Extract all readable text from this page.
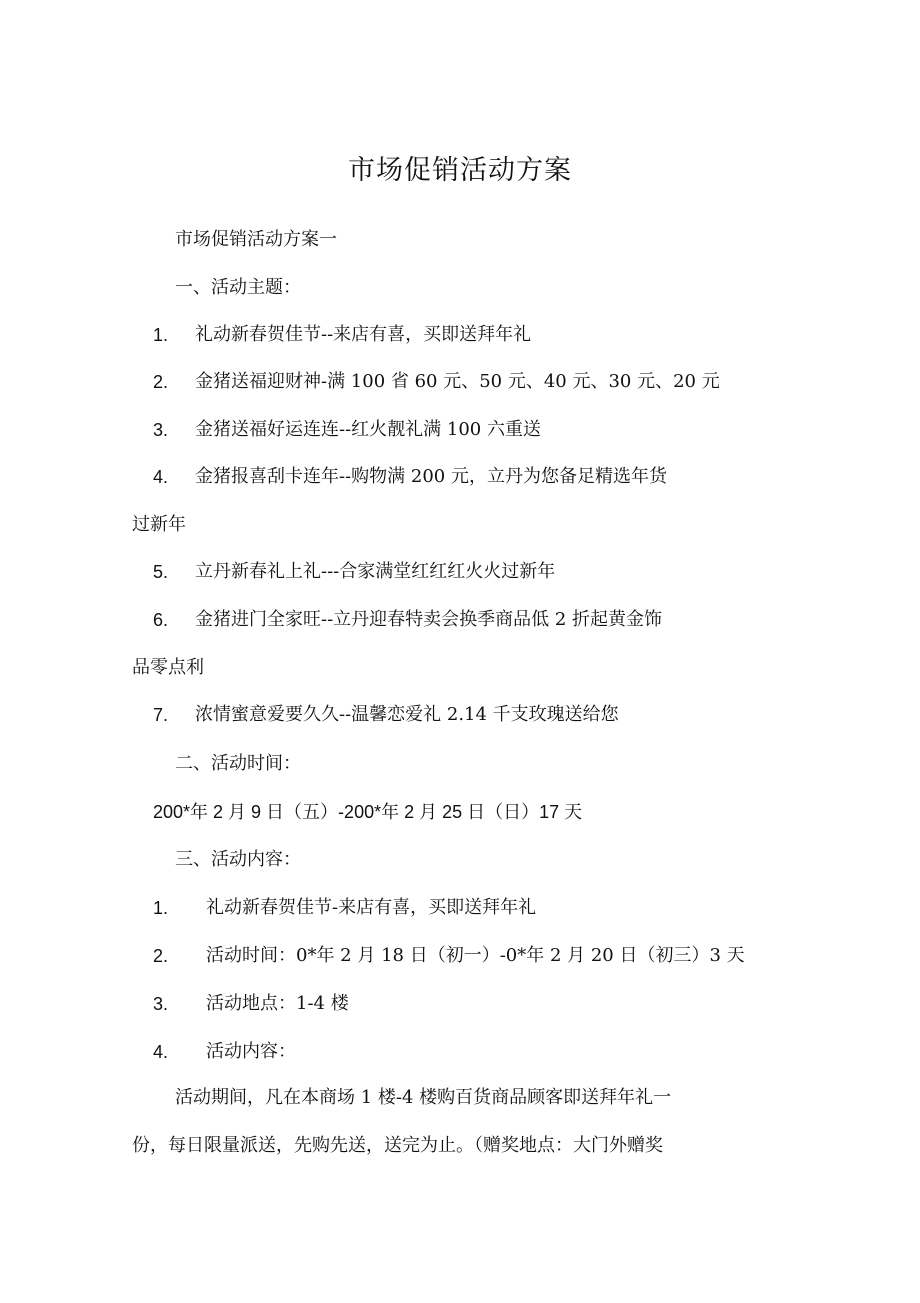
市场促销活动方案
市场促销活动方案一
一、活动主题：
1. 礼动新春贺佳节--来店有喜，买即送拜年礼
2. 金猪送福迎财神-满 100 省 60 元、50 元、40 元、30 元、20 元
3. 金猪送福好运连连--红火靓礼满 100 六重送
4. 金猪报喜刮卡连年--购物满 200 元，立丹为您备足精选年货
过新年
5. 立丹新春礼上礼---合家满堂红红红火火过新年
6. 金猪进门全家旺--立丹迎春特卖会换季商品低 2 折起黄金饰
品零点利
7. 浓情蜜意爱要久久--温馨恋爱礼 2.14 千支玫瑰送给您
二、活动时间：
200*年 2 月 9 日（五）-200*年 2 月 25 日（日）17 天
三、活动内容：
1. 礼动新春贺佳节-来店有喜，买即送拜年礼
2. 活动时间：0*年 2 月 18 日（初一）-0*年 2 月 20 日（初三）3 天
3. 活动地点：1-4 楼
4. 活动内容：
活动期间，凡在本商场 1 楼-4 楼购百货商品顾客即送拜年礼一
份，每日限量派送，先购先送，送完为止。（赠奖地点：大门外赠奖
